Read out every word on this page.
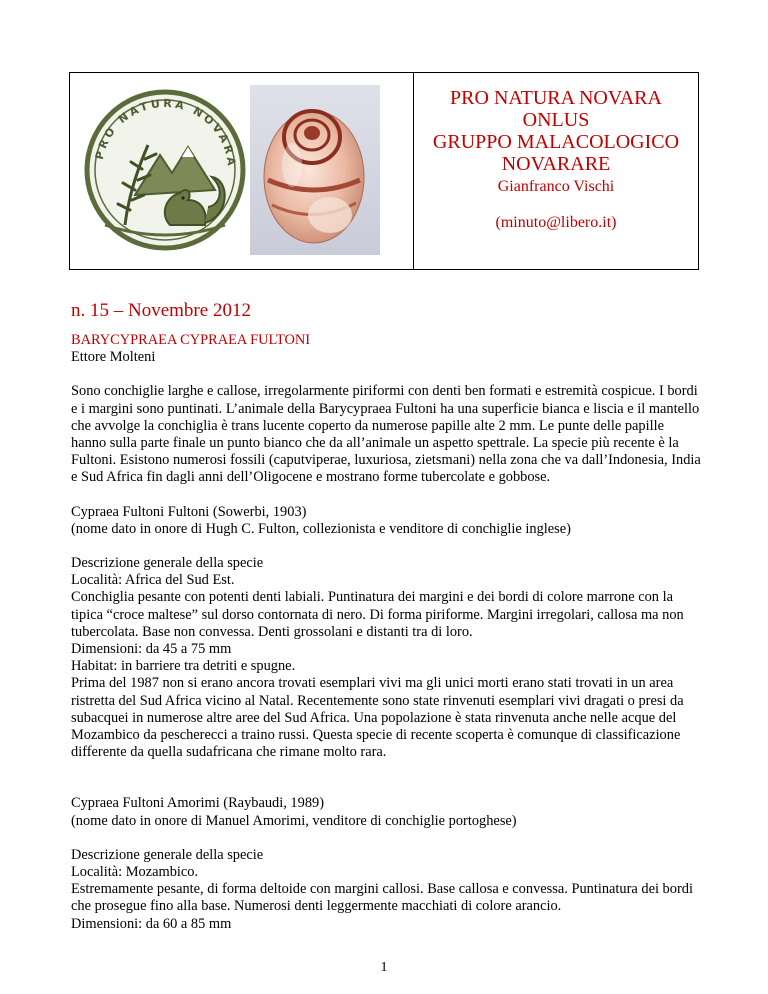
PRO NATURA NOVARA
PRO NATURA NOVARA
ONLUS
GRUPPO MALACOLOGICO
NOVARARE
Gianfranco Vischi
(minuto@libero.it)
n. 15 – Novembre 2012

BARYCYPRAEA CYPRAEA FULTONI
Ettore Molteni

Sono conchiglie larghe e callose, irregolarmente piriformi con denti ben formati e estremità cospicue. I bordi e i margini sono puntinati. L’animale della Barycypraea Fultoni ha una superficie bianca e liscia e il mantello che avvolge la conchiglia è trans lucente coperto da numerose papille alte 2 mm. Le punte delle papille hanno sulla parte finale un punto bianco che da all’animale un aspetto spettrale. La specie più recente è la Fultoni. Esistono numerosi fossili (caputviperae, luxuriosa, zietsmani) nella zona che va dall’Indonesia, India e Sud Africa fin dagli anni dell’Oligocene e mostrano forme tubercolate e gobbose.

Cypraea Fultoni Fultoni (Sowerbi, 1903)

(nome dato in onore di Hugh C. Fulton, collezionista e venditore di conchiglie inglese)

Descrizione generale della specie

Località: Africa del Sud Est.

Conchiglia pesante con potenti denti labiali. Puntinatura dei margini e dei bordi di colore marrone con la tipica “croce maltese” sul dorso contornata di nero. Di forma piriforme. Margini irregolari, callosa ma non tubercolata. Base non convessa. Denti grossolani e distanti tra di loro.

Dimensioni: da 45 a 75 mm

Habitat: in barriere tra detriti e spugne.

Prima del 1987 non si erano ancora trovati esemplari vivi ma gli unici morti erano stati trovati in un area ristretta del Sud Africa vicino al Natal. Recentemente sono state rinvenuti esemplari vivi dragati o presi da subacquei in numerose altre aree del Sud Africa. Una popolazione è stata rinvenuta anche nelle acque del Mozambico da pescherecci a traino russi. Questa specie di recente scoperta è comunque di classificazione differente da quella sudafricana che rimane molto rara.

Cypraea Fultoni Amorimi (Raybaudi, 1989)

(nome dato in onore di Manuel Amorimi, venditore di conchiglie portoghese)

Descrizione generale della specie

Località: Mozambico.

Estremamente pesante, di forma deltoide con margini callosi. Base callosa e convessa. Puntinatura dei bordi che prosegue fino alla base. Numerosi denti leggermente macchiati di colore arancio.

Dimensioni: da 60 a 85 mm

1
